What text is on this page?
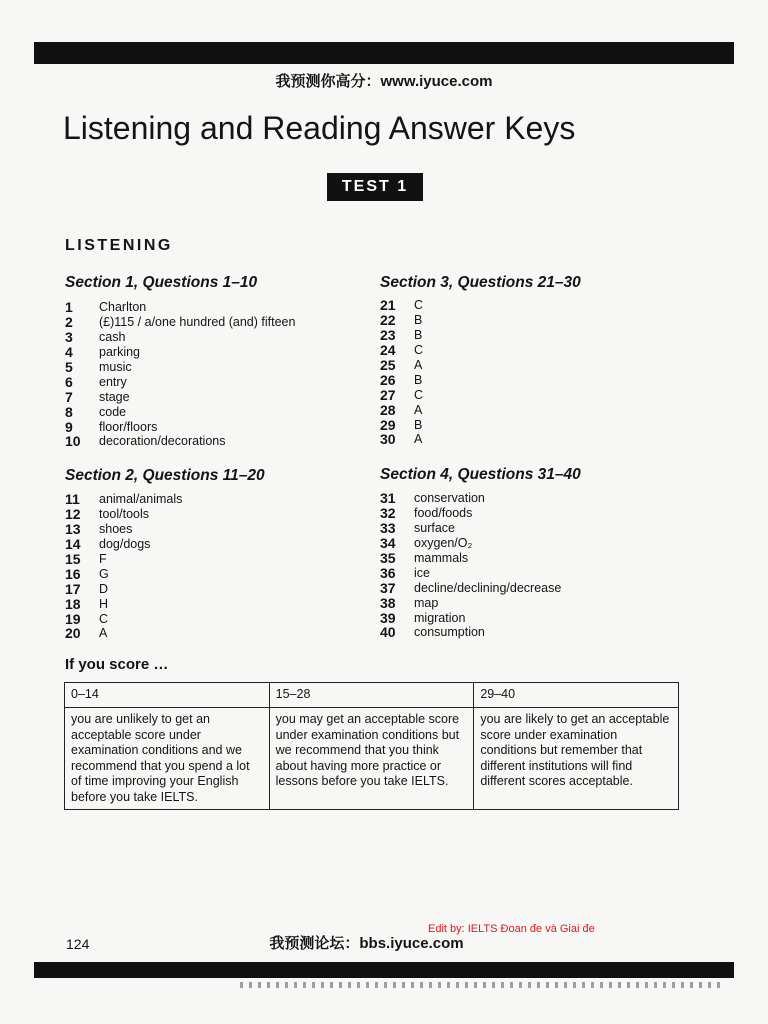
我预测你高分：www.iyuce.com
Listening and Reading Answer Keys
TEST 1
LISTENING
Section 1, Questions 1–10
1	Charlton
2	(£)115 / a/one hundred (and) fifteen
3	cash
4	parking
5	music
6	entry
7	stage
8	code
9	floor/floors
10	decoration/decorations
Section 3, Questions 21–30
21	C
22	B
23	B
24	C
25	A
26	B
27	C
28	A
29	B
30	A
Section 2, Questions 11–20
11	animal/animals
12	tool/tools
13	shoes
14	dog/dogs
15	F
16	G
17	D
18	H
19	C
20	A
Section 4, Questions 31–40
31	conservation
32	food/foods
33	surface
34	oxygen/O₂
35	mammals
36	ice
37	decline/declining/decrease
38	map
39	migration
40	consumption
If you score …
0–14	15–28	29–40
you are unlikely to get an acceptable score under examination conditions and we recommend that you spend a lot of time improving your English before you take IELTS.	you may get an acceptable score under examination conditions but we recommend that you think about having more practice or lessons before you take IELTS.	you are likely to get an acceptable score under examination conditions but remember that different institutions will find different scores acceptable.
Edit by: IELTS Đoan đe và Giai đe
124	我预测论坛：bbs.iyuce.com
